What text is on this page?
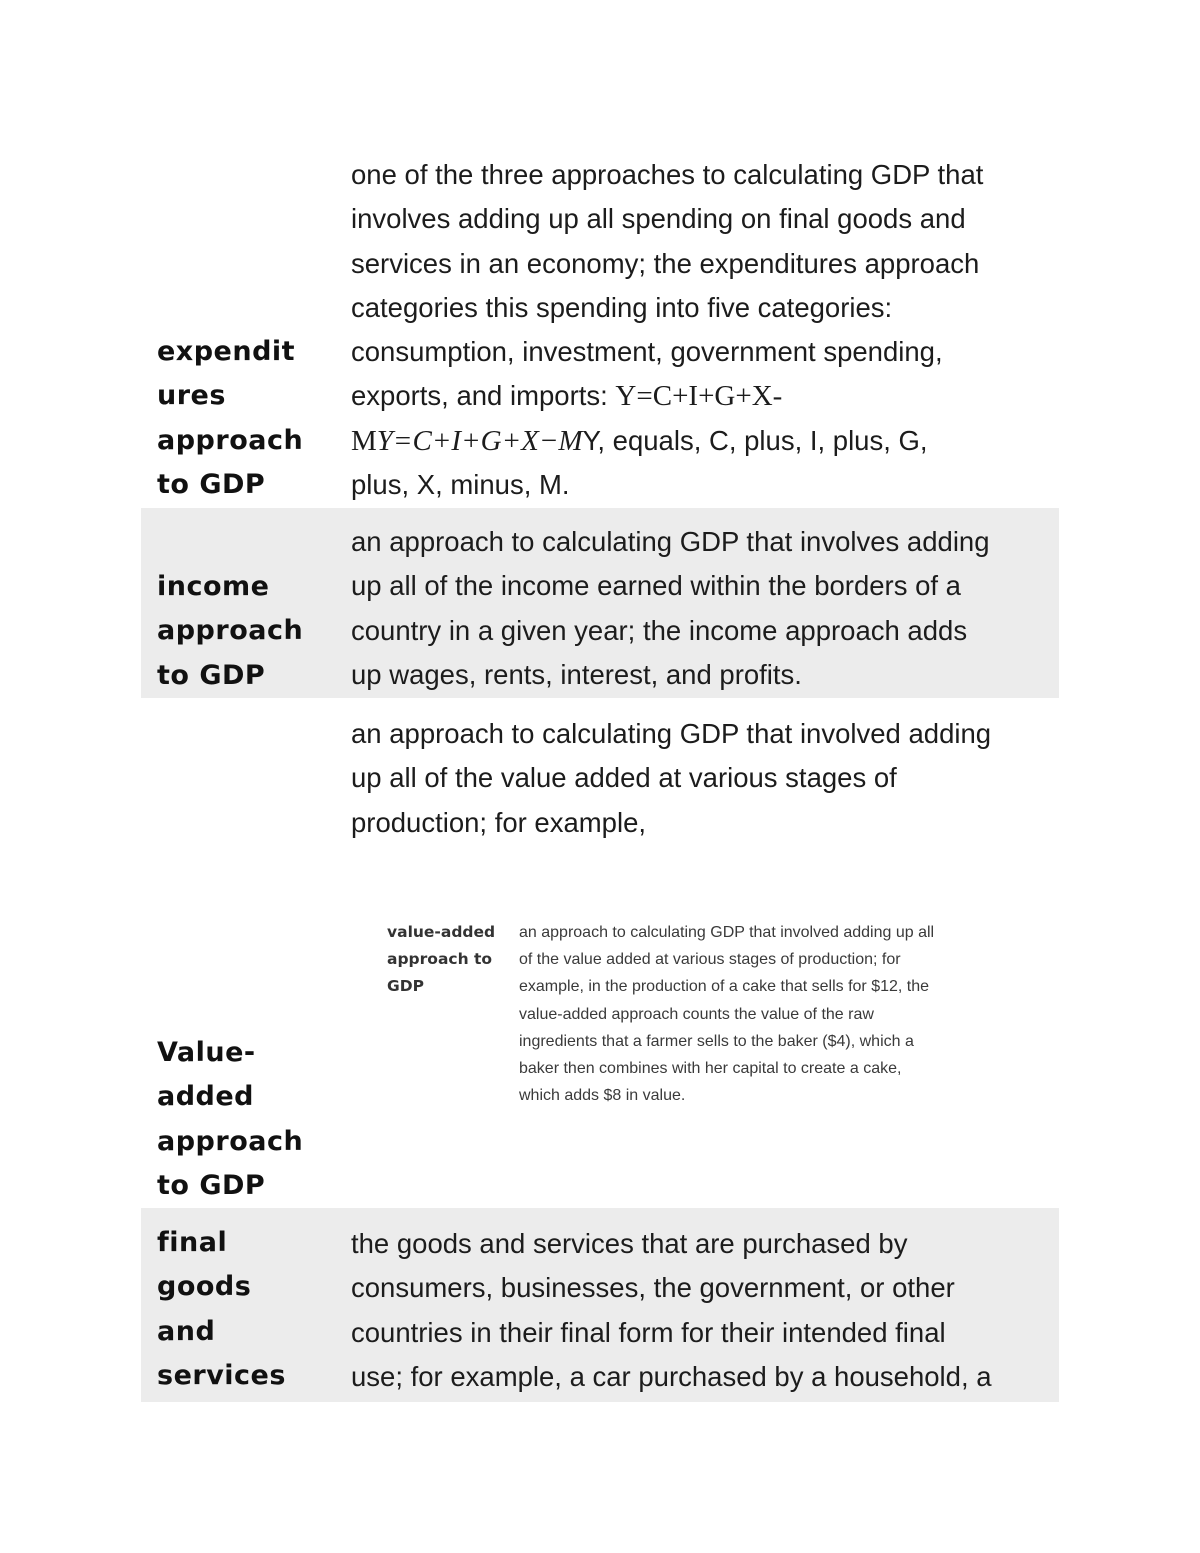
expendit
ures
approach
to GDP
one of the three approaches to calculating GDP that
involves adding up all spending on final goods and
services in an economy; the expenditures approach
categories this spending into five categories:
consumption, investment, government spending,
exports, and imports: Y=C+I+G+X-
MY=C+I+G+X−MY, equals, C, plus, I, plus, G,
plus, X, minus, M.
income
approach
to GDP
an approach to calculating GDP that involves adding
up all of the income earned within the borders of a
country in a given year; the income approach adds
up wages, rents, interest, and profits.
Value-
added
approach
to GDP
an approach to calculating GDP that involved adding
up all of the value added at various stages of
production; for example,
value-added
approach to
GDP
an approach to calculating GDP that involved adding up all
of the value added at various stages of production; for
example, in the production of a cake that sells for $12, the
value-added approach counts the value of the raw
ingredients that a farmer sells to the baker ($4), which a
baker then combines with her capital to create a cake,
which adds $8 in value.
final
goods
and
services
the goods and services that are purchased by
consumers, businesses, the government, or other
countries in their final form for their intended final
use; for example, a car purchased by a household, a
